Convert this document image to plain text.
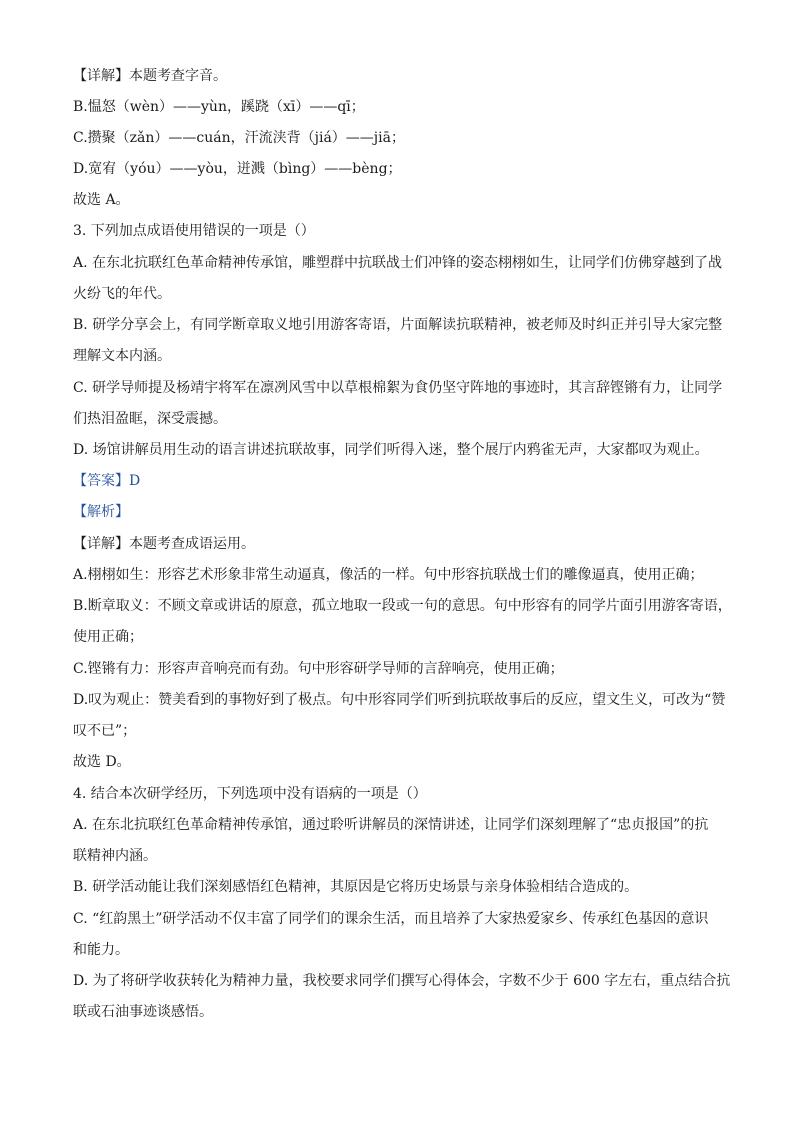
【详解】本题考查字音。
B.愠怒（wèn）——yùn，蹊跷（xī）——qī；
C.攒聚（zǎn）——cuán，汗流浃背（jiá）——jiā；
D.宽宥（yóu）——yòu，迸溅（bìng）——bèng；
故选 A。
3. 下列加点成语使用错误的一项是（）
A. 在东北抗联红色革命精神传承馆，雕塑群中抗联战士们冲锋的姿态栩栩如生，让同学们仿佛穿越到了战
火纷飞的年代。
B. 研学分享会上，有同学断章取义地引用游客寄语，片面解读抗联精神，被老师及时纠正并引导大家完整
理解文本内涵。
C. 研学导师提及杨靖宇将军在凛冽风雪中以草根棉絮为食仍坚守阵地的事迹时，其言辞铿锵有力，让同学
们热泪盈眶，深受震撼。
D. 场馆讲解员用生动的语言讲述抗联故事，同学们听得入迷，整个展厅内鸦雀无声，大家都叹为观止。
【答案】D
【解析】
【详解】本题考查成语运用。
A.栩栩如生：形容艺术形象非常生动逼真，像活的一样。句中形容抗联战士们的雕像逼真，使用正确；
B.断章取义：不顾文章或讲话的原意，孤立地取一段或一句的意思。句中形容有的同学片面引用游客寄语，
使用正确；
C.铿锵有力：形容声音响亮而有劲。句中形容研学导师的言辞响亮，使用正确；
D.叹为观止：赞美看到的事物好到了极点。句中形容同学们听到抗联故事后的反应，望文生义，可改为“赞
叹不已”；
故选 D。
4. 结合本次研学经历，下列选项中没有语病的一项是（）
A. 在东北抗联红色革命精神传承馆，通过聆听讲解员的深情讲述，让同学们深刻理解了“忠贞报国”的抗
联精神内涵。
B. 研学活动能让我们深刻感悟红色精神，其原因是它将历史场景与亲身体验相结合造成的。
C. “红韵黑土”研学活动不仅丰富了同学们的课余生活，而且培养了大家热爱家乡、传承红色基因的意识
和能力。
D. 为了将研学收获转化为精神力量，我校要求同学们撰写心得体会，字数不少于 600 字左右，重点结合抗
联或石油事迹谈感悟。
